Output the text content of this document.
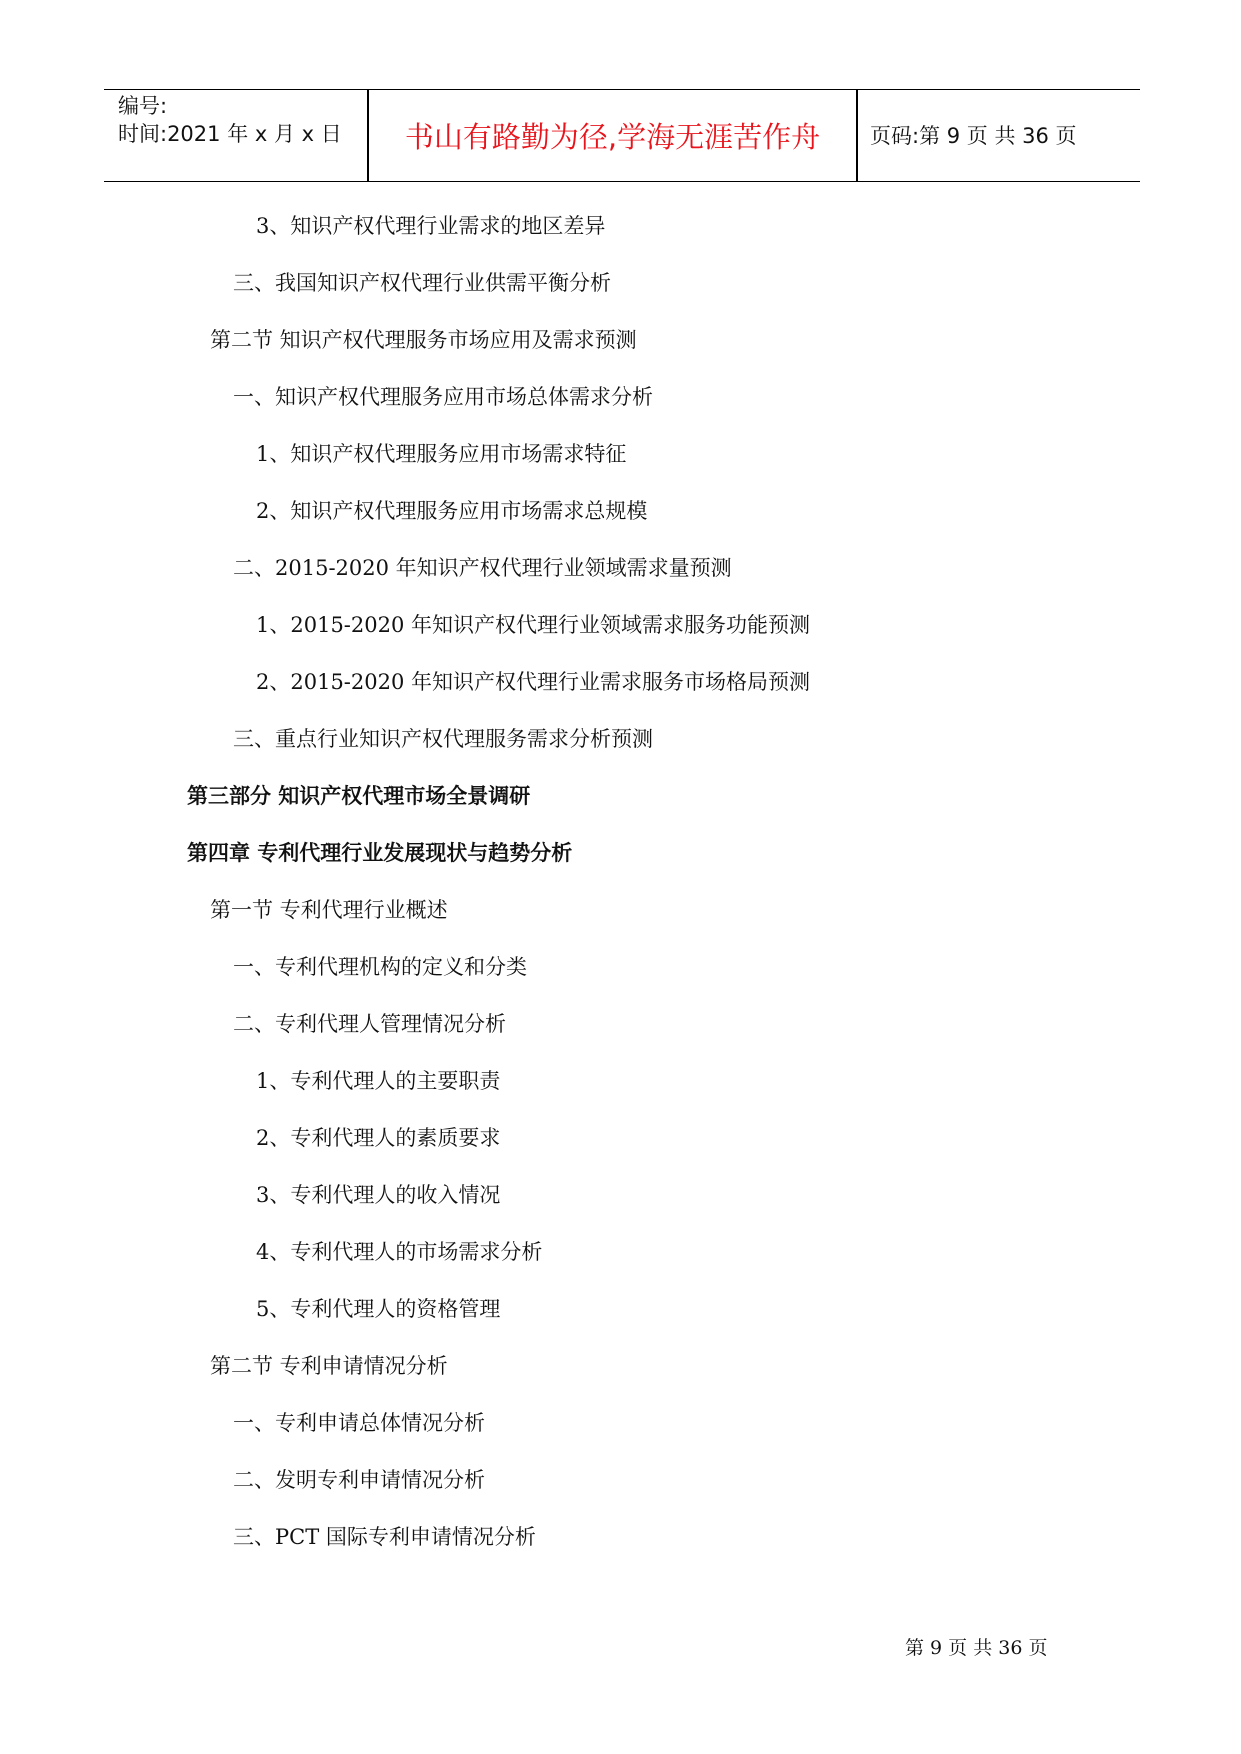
编号:
时间:2021 年 x 月 x 日	书山有路勤为径,学海无涯苦作舟	页码:第 9 页 共 36 页
3、知识产权代理行业需求的地区差异
三、我国知识产权代理行业供需平衡分析
第二节 知识产权代理服务市场应用及需求预测
一、知识产权代理服务应用市场总体需求分析
1、知识产权代理服务应用市场需求特征
2、知识产权代理服务应用市场需求总规模
二、2015-2020 年知识产权代理行业领域需求量预测
1、2015-2020 年知识产权代理行业领域需求服务功能预测
2、2015-2020 年知识产权代理行业需求服务市场格局预测
三、重点行业知识产权代理服务需求分析预测
第三部分 知识产权代理市场全景调研
第四章 专利代理行业发展现状与趋势分析
第一节 专利代理行业概述
一、专利代理机构的定义和分类
二、专利代理人管理情况分析
1、专利代理人的主要职责
2、专利代理人的素质要求
3、专利代理人的收入情况
4、专利代理人的市场需求分析
5、专利代理人的资格管理
第二节 专利申请情况分析
一、专利申请总体情况分析
二、发明专利申请情况分析
三、PCT 国际专利申请情况分析
第 9 页 共 36 页
